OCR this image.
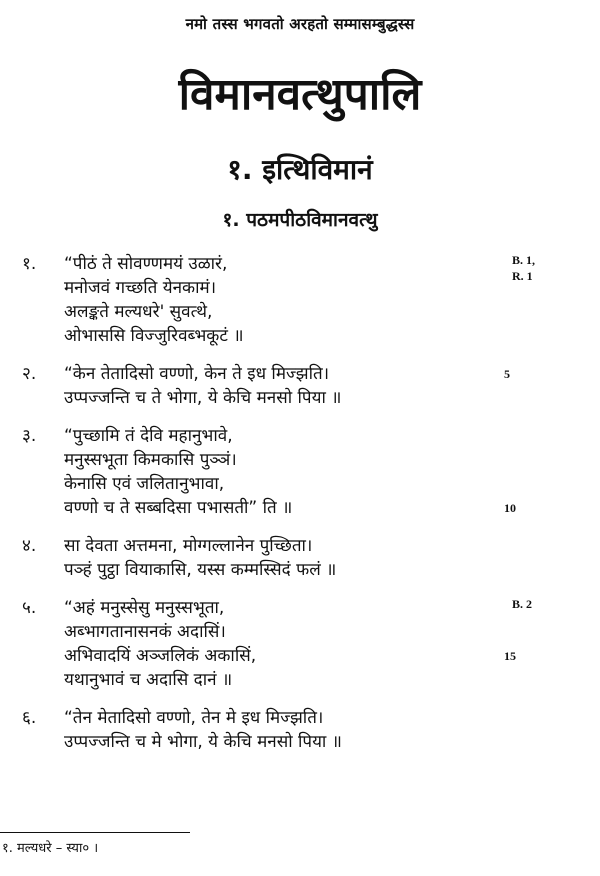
नमो तस्स भगवतो अरहतो सम्मासम्बुद्धस्स
विमानवत्थुपालि
१. इत्थिविमानं
१. पठमपीठविमानवत्थु
१.	B. 1,
R. 1
“पीठं ते सोवण्णमयं उळारं,
मनोजवं गच्छति येनकामं।
अलङ्कते मल्यधरे' सुवत्थे,
ओभाससि विज्जुरिवब्भकूटं ॥
२.	“केन तेतादिसो वण्णो, केन ते इध मिज्झति।	5
उप्पज्जन्ति च ते भोगा, ये केचि मनसो पिया ॥
३.	“पुच्छामि तं देवि महानुभावे,
मनुस्सभूता किमकासि पुञ्ञं।
केनासि एवं जलितानुभावा,
वण्णो च ते सब्बदिसा पभासती” ति ॥	10
४.	सा देवता अत्तमना, मोग्गल्लानेन पुच्छिता।
पञ्हं पुट्ठा वियाकासि, यस्स कम्मस्सिदं फलं ॥
५.	B. 2
“अहं मनुस्सेसु मनुस्सभूता,
अब्भागतानासनकं अदासिं।
अभिवादयिं अञ्जलिकं अकासिं,	15
यथानुभावं च अदासि दानं ॥
६.	“तेन मेतादिसो वण्णो, तेन मे इध मिज्झति।
उप्पज्जन्ति च मे भोगा, ये केचि मनसो पिया ॥
१. मल्यधरे – स्या० ।
